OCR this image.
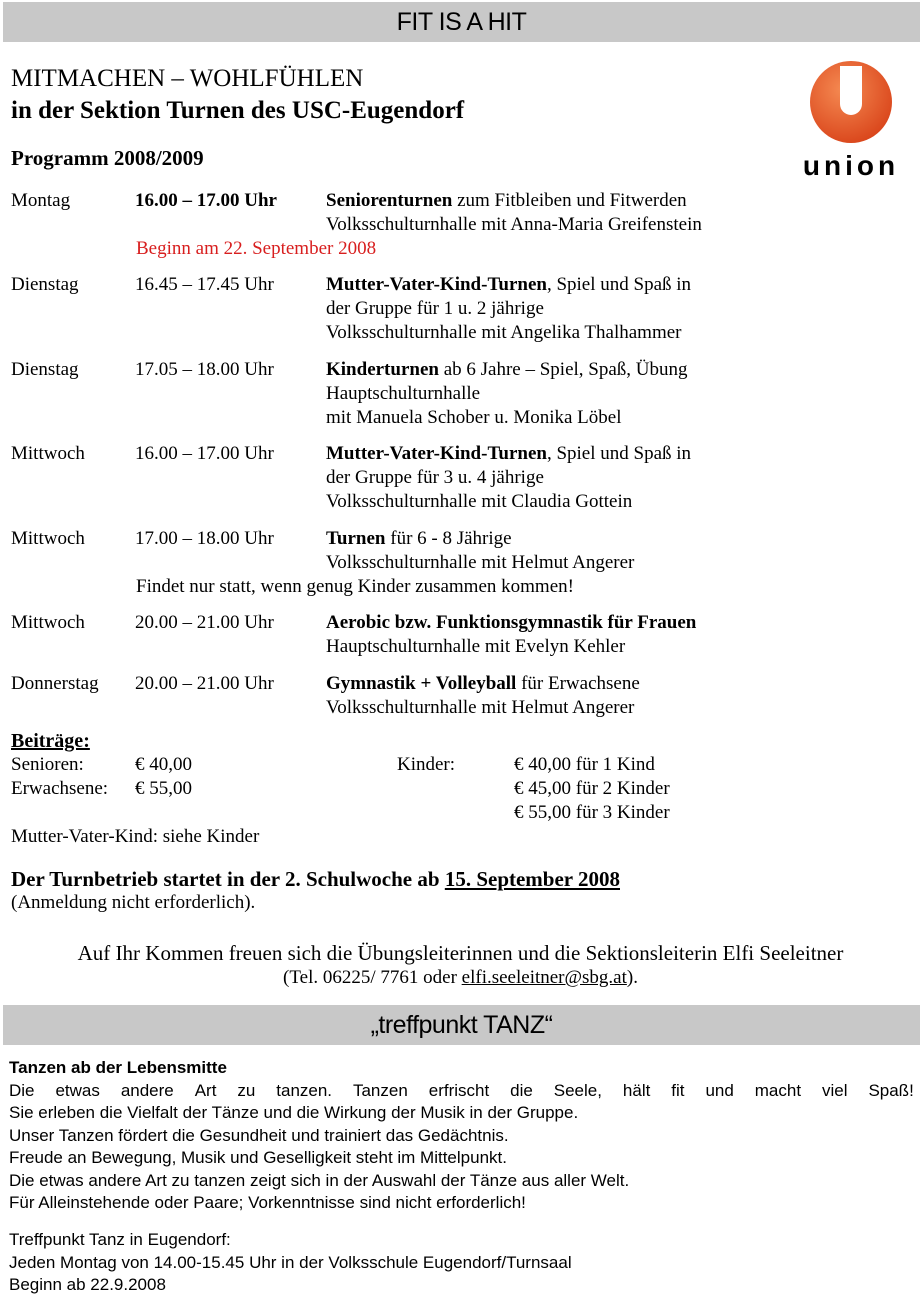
FIT IS A HIT
MITMACHEN – WOHLFÜHLEN
in der Sektion Turnen des USC-Eugendorf
Programm 2008/2009	union
Montag	16.00 – 17.00 Uhr	Seniorenturnen zum Fitbleiben und Fitwerden
Volksschulturnhalle mit Anna-Maria Greifenstein
Beginn am 22. September 2008
Dienstag	16.45 – 17.45 Uhr	Mutter-Vater-Kind-Turnen, Spiel und Spaß in
der Gruppe für 1 u. 2 jährige
Volksschulturnhalle mit Angelika Thalhammer
Dienstag	17.05 – 18.00 Uhr	Kinderturnen ab 6 Jahre – Spiel, Spaß, Übung
Hauptschulturnhalle
mit Manuela Schober u. Monika Löbel
Mittwoch	16.00 – 17.00 Uhr	Mutter-Vater-Kind-Turnen, Spiel und Spaß in
der Gruppe für 3 u. 4 jährige
Volksschulturnhalle mit Claudia Gottein
Mittwoch	17.00 – 18.00 Uhr	Turnen für 6 - 8 Jährige
Volksschulturnhalle mit Helmut Angerer
Findet nur statt, wenn genug Kinder zusammen kommen!
Mittwoch	20.00 – 21.00 Uhr	Aerobic bzw. Funktionsgymnastik für Frauen
Hauptschulturnhalle mit Evelyn Kehler
Donnerstag 20.00 – 21.00 Uhr	Gymnastik + Volleyball für Erwachsene
Volksschulturnhalle mit Helmut Angerer
Beiträge:
Senioren:	€ 40,00
Erwachsene: € 55,00
Kinder:	€ 40,00 für 1 Kind
€ 45,00 für 2 Kinder
€ 55,00 für 3 Kinder
Mutter-Vater-Kind: siehe Kinder
Der Turnbetrieb startet in der 2. Schulwoche ab 15. September 2008
(Anmeldung nicht erforderlich).
Auf Ihr Kommen freuen sich die Übungsleiterinnen und die Sektionsleiterin Elfi Seeleitner
(Tel. 06225/ 7761 oder elfi.seeleitner@sbg.at).
„treffpunkt TANZ“
Tanzen ab der Lebensmitte
Die etwas andere Art zu tanzen. Tanzen erfrischt die Seele, hält fit und macht viel Spaß!
Sie erleben die Vielfalt der Tänze und die Wirkung der Musik in der Gruppe.
Unser Tanzen fördert die Gesundheit und trainiert das Gedächtnis.
Freude an Bewegung, Musik und Geselligkeit steht im Mittelpunkt.
Die etwas andere Art zu tanzen zeigt sich in der Auswahl der Tänze aus aller Welt.
Für Alleinstehende oder Paare; Vorkenntnisse sind nicht erforderlich!
Treffpunkt Tanz in Eugendorf:
Jeden Montag von 14.00-15.45 Uhr in der Volksschule Eugendorf/Turnsaal
Beginn ab 22.9.2008
